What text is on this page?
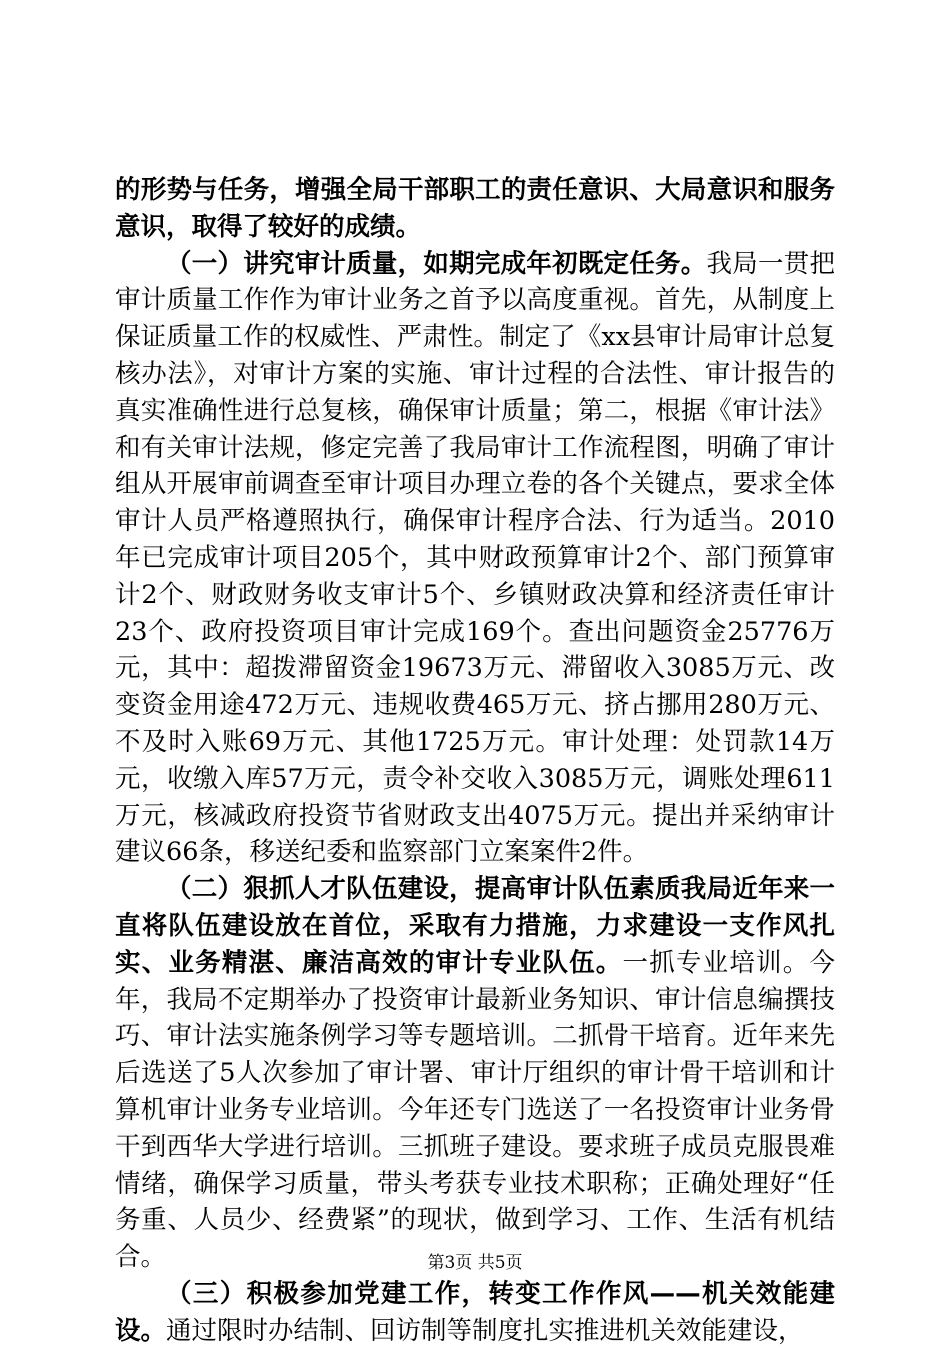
的形势与任务，增强全局干部职工的责任意识、大局意识和服务意识，取得了较好的成绩。

（一）讲究审计质量，如期完成年初既定任务。我局一贯把审计质量工作作为审计业务之首予以高度重视。首先，从制度上保证质量工作的权威性、严肃性。制定了《xx县审计局审计总复核办法》，对审计方案的实施、审计过程的合法性、审计报告的真实准确性进行总复核，确保审计质量；第二，根据《审计法》和有关审计法规，修定完善了我局审计工作流程图，明确了审计组从开展审前调查至审计项目办理立卷的各个关键点，要求全体审计人员严格遵照执行，确保审计程序合法、行为适当。2010年已完成审计项目205个，其中财政预算审计2个、部门预算审计2个、财政财务收支审计5个、乡镇财政决算和经济责任审计23个、政府投资项目审计完成169个。查出问题资金25776万元，其中：超拨滞留资金19673万元、滞留收入3085万元、改变资金用途472万元、违规收费465万元、挤占挪用280万元、不及时入账69万元、其他1725万元。审计处理：处罚款14万元，收缴入库57万元，责令补交收入3085万元，调账处理611万元，核减政府投资节省财政支出4075万元。提出并采纳审计建议66条，移送纪委和监察部门立案案件2件。

（二）狠抓人才队伍建设，提高审计队伍素质我局近年来一直将队伍建设放在首位，采取有力措施，力求建设一支作风扎实、业务精湛、廉洁高效的审计专业队伍。一抓专业培训。今年，我局不定期举办了投资审计最新业务知识、审计信息编撰技巧、审计法实施条例学习等专题培训。二抓骨干培育。近年来先后选送了5人次参加了审计署、审计厅组织的审计骨干培训和计算机审计业务专业培训。今年还专门选送了一名投资审计业务骨干到西华大学进行培训。三抓班子建设。要求班子成员克服畏难情绪，确保学习质量，带头考获专业技术职称；正确处理好“任务重、人员少、经费紧”的现状，做到学习、工作、生活有机结合。

（三）积极参加党建工作，转变工作作风——机关效能建设。通过限时办结制、回访制等制度扎实推进机关效能建设，

第3页 共5页
